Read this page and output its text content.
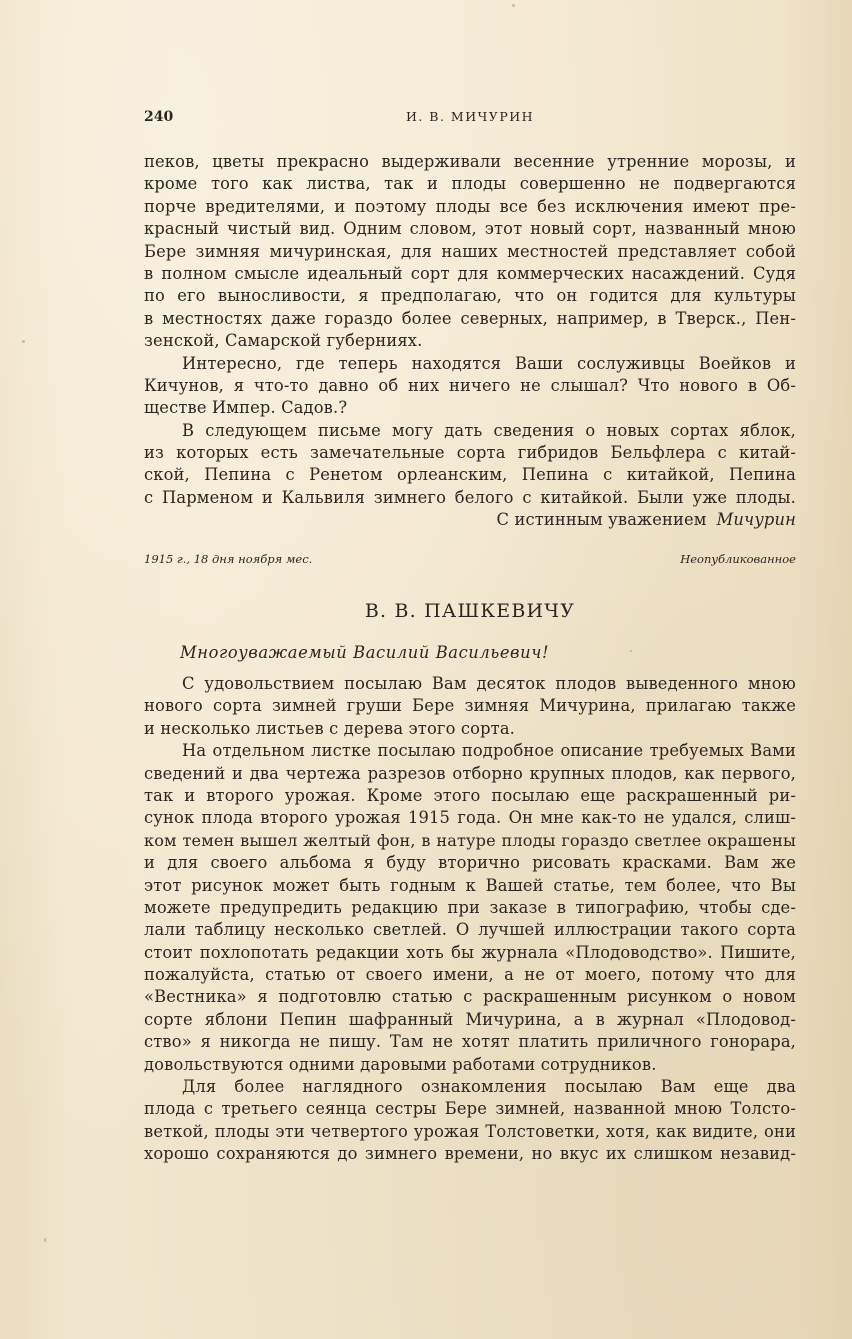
240	И. В. МИЧУРИН
пеков, цветы прекрасно выдерживали весенние утренние морозы, и
кроме того как листва, так и плоды совершенно не подвергаются
порче вредителями, и поэтому плоды все без исключения имеют пре-
красный чистый вид. Одним словом, этот новый сорт, названный мною
Бере зимняя мичуринская, для наших местностей представляет собой
в полном смысле идеальный сорт для коммерческих насаждений. Судя
по его выносливости, я предполагаю, что он годится для культуры
в местностях даже гораздо более северных, например, в Тверск., Пен-
зенской, Самарской губерниях.
Интересно, где теперь находятся Ваши сослуживцы Воейков и
Кичунов, я что-то давно об них ничего не слышал? Что нового в Об-
ществе Импер. Садов.?
В следующем письме могу дать сведения о новых сортах яблок,
из которых есть замечательные сорта гибридов Бельфлера с китай-
ской, Пепина с Ренетом орлеанским, Пепина с китайкой, Пепина
с Парменом и Кальвиля зимнего белого с китайкой. Были уже плоды.
С истинным уважением Мичурин
1915 г., 18 дня ноября мес.	Неопубликованное
В. В. ПАШКЕВИЧУ
Многоуважаемый Василий Васильевич!
С удовольствием посылаю Вам десяток плодов выведенного мною
нового сорта зимней груши Бере зимняя Мичурина, прилагаю также
и несколько листьев с дерева этого сорта.
На отдельном листке посылаю подробное описание требуемых Вами
сведений и два чертежа разрезов отборно крупных плодов, как первого,
так и второго урожая. Кроме этого посылаю еще раскрашенный ри-
сунок плода второго урожая 1915 года. Он мне как-то не удался, слиш-
ком темен вышел желтый фон, в натуре плоды гораздо светлее окрашены
и для своего альбома я буду вторично рисовать красками. Вам же
этот рисунок может быть годным к Вашей статье, тем более, что Вы
можете предупредить редакцию при заказе в типографию, чтобы сде-
лали таблицу несколько светлей. О лучшей иллюстрации такого сорта
стоит похлопотать редакции хоть бы журнала «Плодоводство». Пишите,
пожалуйста, статью от своего имени, а не от моего, потому что для
«Вестника» я подготовлю статью с раскрашенным рисунком о новом
сорте яблони Пепин шафранный Мичурина, а в журнал «Плодовод-
ство» я никогда не пишу. Там не хотят платить приличного гонорара,
довольствуются одними даровыми работами сотрудников.
Для более наглядного ознакомления посылаю Вам еще два
плода с третьего сеянца сестры Бере зимней, названной мною Толсто-
веткой, плоды эти четвертого урожая Толстоветки, хотя, как видите, они
хорошо сохраняются до зимнего времени, но вкус их слишком незавид-
